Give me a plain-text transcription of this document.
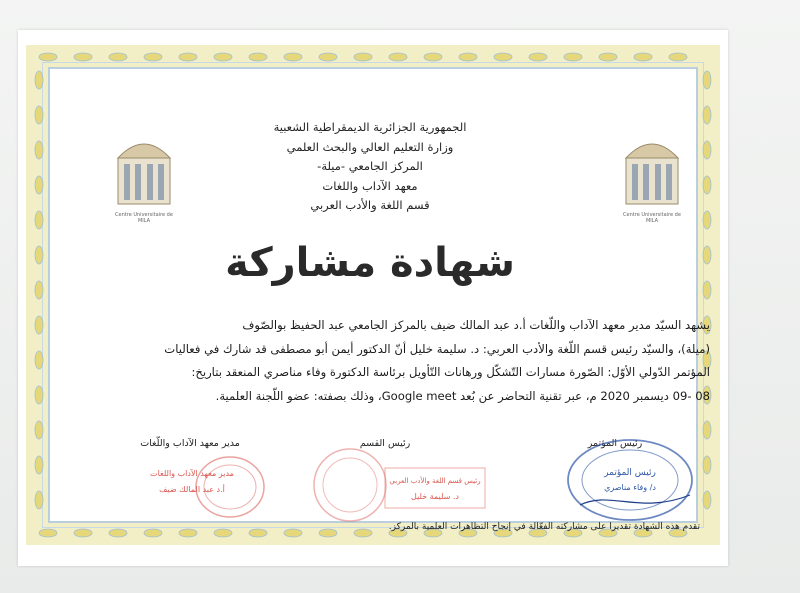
Centre Universitaire de MILA
Centre Universitaire de MILA
الجمهورية الجزائرية الديمقراطية الشعبية
وزارة التعليم العالي والبحث العلمي
المركز الجامعي -ميلة-
معهد الآداب واللغات
قسم اللغة والأدب العربي
شهادة مشاركة
يشهد السيّد مدير معهد الآداب واللّغات أ.د عبد المالك ضيف بالمركز الجامعي عبد الحفيظ بوالصّوف
(ميلة)، والسيّد رئيس قسم اللّغة والأدب العربي: د. سليمة خليل أنّ الدكتور أيمن أبو مصطفى قد شارك في فعاليات
المؤتمر الدّولي الأوّل: الصّورة مسارات التّشكّل ورهانات التّأويل برئاسة الدكتورة وفاء مناصري المنعقد بتاريخ:
08 -09 ديسمبر 2020 م، عبر تقنية التحاضر عن بُعد Google meet، وذلك بصفته: عضو اللّجنة العلمية.
مدير معهد الآداب واللّغات	رئيس القسم	رئيس المؤتمر
مدير معهد الآداب واللغات
أ.د عبد المالك ضيف
رئيس قسم اللغة والأدب العربي
د. سليمة خليل
رئيس المؤتمر
د/ وفاء مناصري
تقدم هذه الشهادة تقديرا على مشاركته الفعّالة في إنجاح التظاهرات العلمية بالمركز.
